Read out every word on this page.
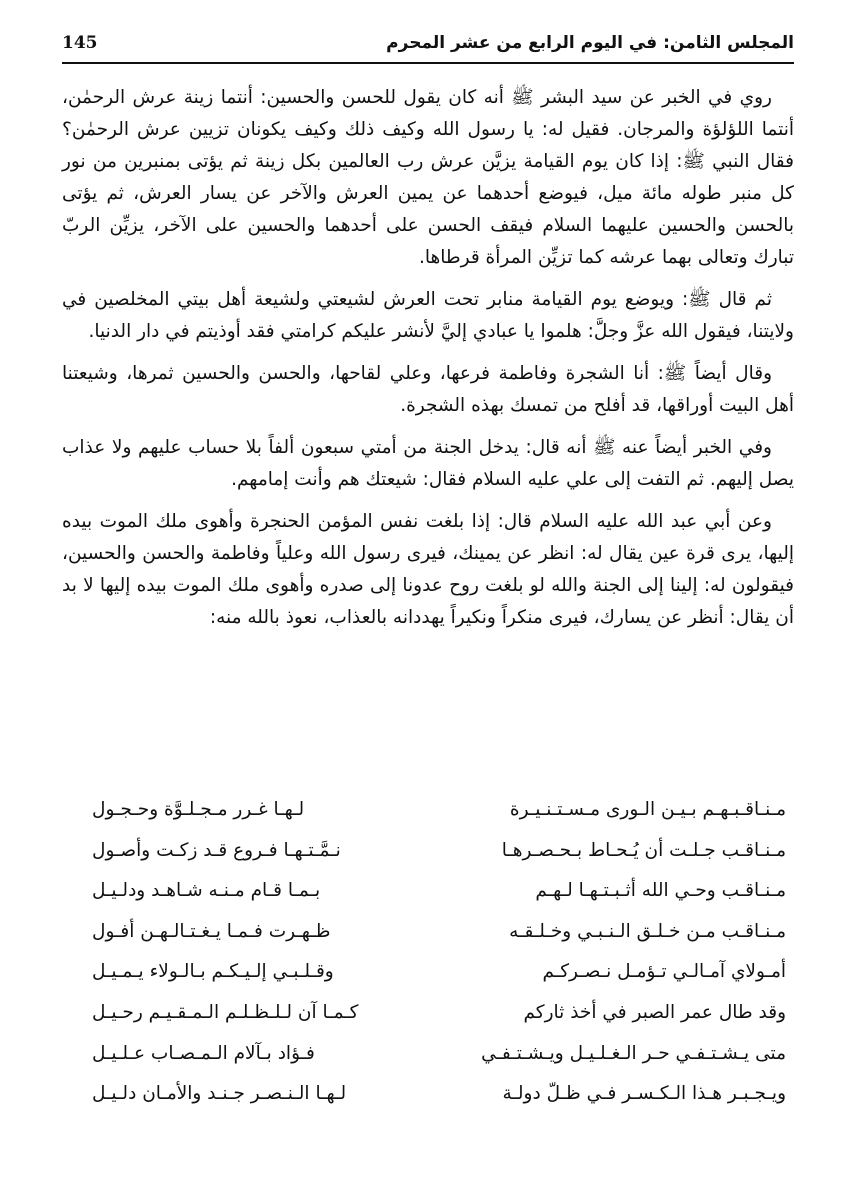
145	المجلس الثامن: في اليوم الرابع من عشر المحرم

روي في الخبر عن سيد البشر ﷺ أنه كان يقول للحسن والحسين: أنتما زينة عرش الرحمٰن، أنتما اللؤلؤة والمرجان. فقيل له: يا رسول الله وكيف ذلك وكيف يكونان تزيين عرش الرحمٰن؟ فقال النبي ﷺ: إذا كان يوم القيامة يزيَّن عرش رب العالمين بكل زينة ثم يؤتى بمنبرين من نور كل منبر طوله مائة ميل، فيوضع أحدهما عن يمين العرش والآخر عن يسار العرش، ثم يؤتى بالحسن والحسين عليهما السلام فيقف الحسن على أحدهما والحسين على الآخر، يزيِّن الربّ تبارك وتعالى بهما عرشه كما تزيِّن المرأة قرطاها.

ثم قال ﷺ: ويوضع يوم القيامة منابر تحت العرش لشيعتي ولشيعة أهل بيتي المخلصين في ولايتنا، فيقول الله عزَّ وجلَّ: هلموا يا عبادي إليَّ لأنشر عليكم كرامتي فقد أوذيتم في دار الدنيا.

وقال أيضاً ﷺ: أنا الشجرة وفاطمة فرعها، وعلي لقاحها، والحسن والحسين ثمرها، وشيعتنا أهل البيت أوراقها، قد أفلح من تمسك بهذه الشجرة.

وفي الخبر أيضاً عنه ﷺ أنه قال: يدخل الجنة من أمتي سبعون ألفاً بلا حساب عليهم ولا عذاب يصل إليهم. ثم التفت إلى علي عليه السلام فقال: شيعتك هم وأنت إمامهم.

وعن أبي عبد الله عليه السلام قال: إذا بلغت نفس المؤمن الحنجرة وأهوى ملك الموت بيده إليها، يرى قرة عين يقال له: انظر عن يمينك، فيرى رسول الله وعلياً وفاطمة والحسن والحسين، فيقولون له: إلينا إلى الجنة والله لو بلغت روح عدونا إلى صدره وأهوى ملك الموت بيده إليها لا بد أن يقال: أنظر عن يسارك، فيرى منكراً ونكيراً يهددانه بالعذاب، نعوذ بالله منه:

مـنـاقـبـهـم بـيـن الـورى مـسـتـنـيـرة
لـهـا غـرر مـجـلـوَّة وحـجـول
مـنـاقـب جـلـت أن يُـحـاط بـحـصـرهـا
نـمَّـتـهـا فـروع قـد زكـت وأصـول
مـنـاقـب وحـي الله أثـبـتـهـا لـهـم
بـمـا قـام مـنـه شـاهـد ودلـيـل
مـنـاقـب مـن خـلـق الـنـبـي وخـلـقـه
ظـهـرت فـمـا يـغـتـالـهـن أفـول
أمـولاي آمـالـي تـؤمـل نـصـركـم
وقـلـبـي إلـيـكـم بـالـولاء يـمـيـل
وقد طال عمر الصبر في أخذ ثاركم
كـمـا آن لـلـظـلـم الـمـقـيـم رحـيـل
متى يـشـتـفـي حـر الـغـلـيـل ويـشـتـفـي
فـؤاد بـآلام الـمـصـاب عـلـيـل
ويـجـبـر هـذا الـكـسـر فـي ظـلّ دولـة
لـهـا الـنـصـر جـنـد والأمـان دلـيـل
